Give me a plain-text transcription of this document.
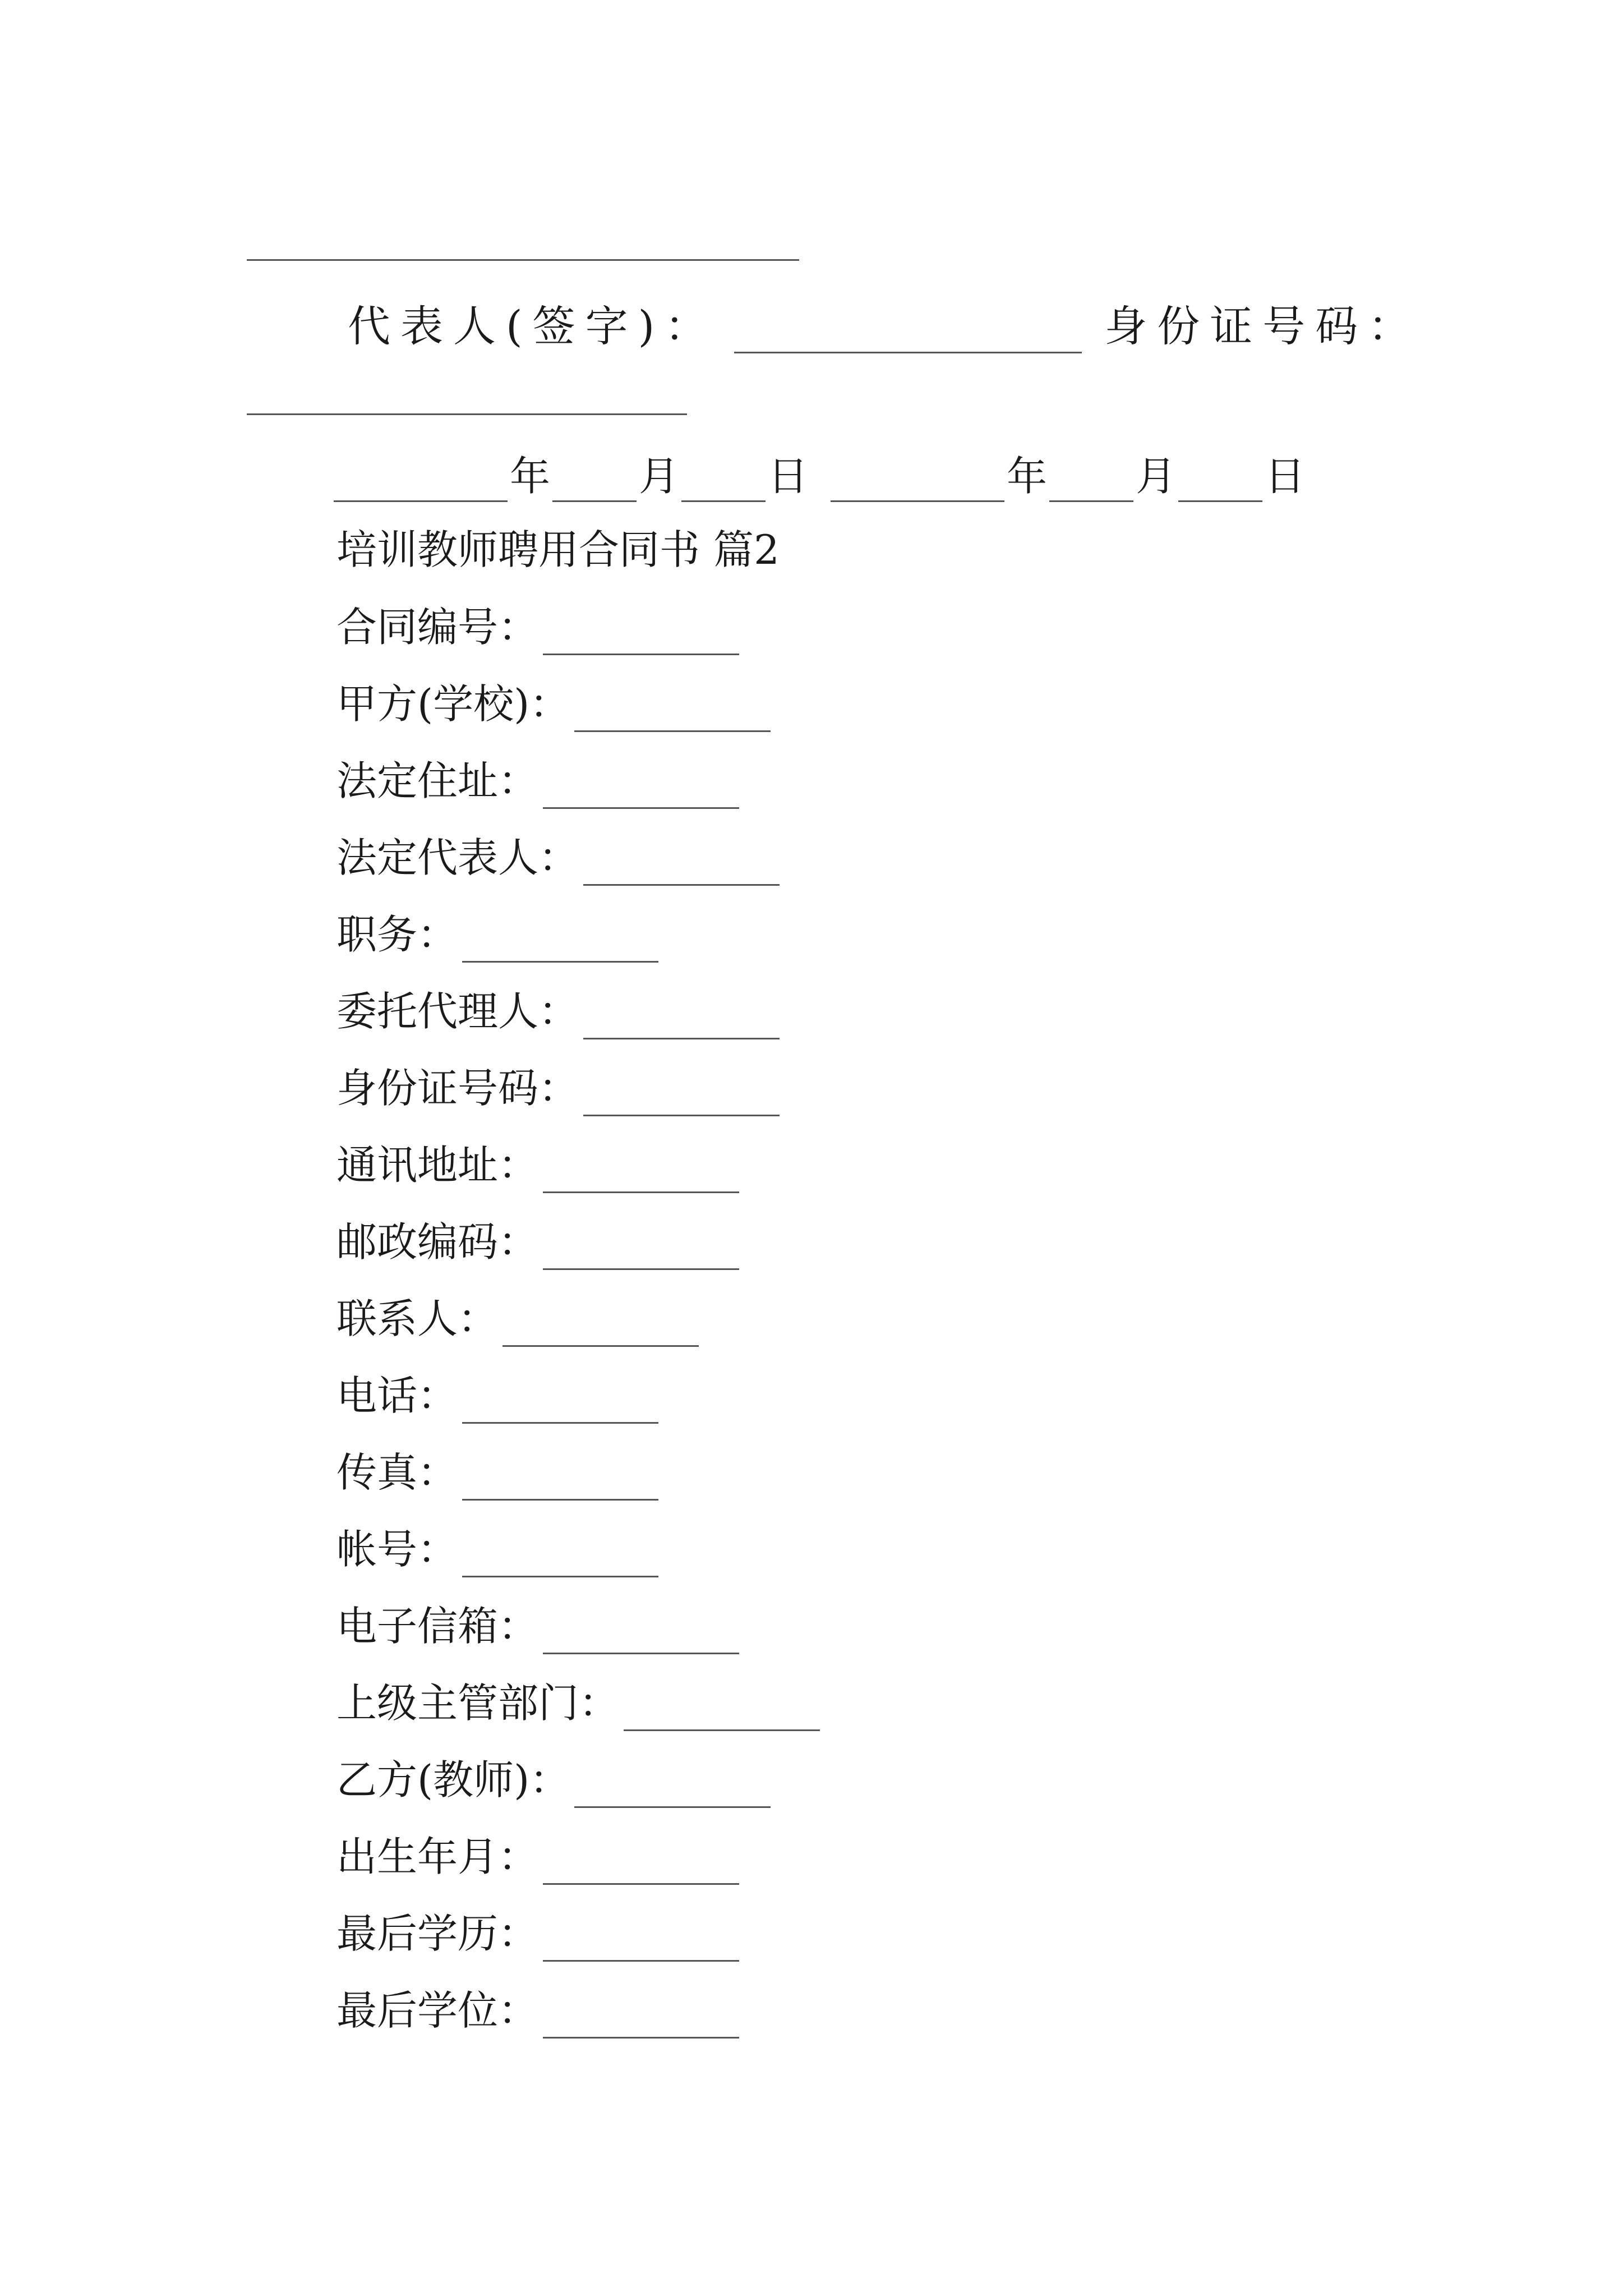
代表人(签字)：	身份证号码：
年 月 日	年 月 日
培训教师聘用合同书 篇2
合同编号：
甲方(学校)：
法定住址：
法定代表人：
职务：
委托代理人：
身份证号码：
通讯地址：
邮政编码：
联系人：
电话：
传真：
帐号：
电子信箱：
上级主管部门：
乙方(教师)：
出生年月：
最后学历：
最后学位：
